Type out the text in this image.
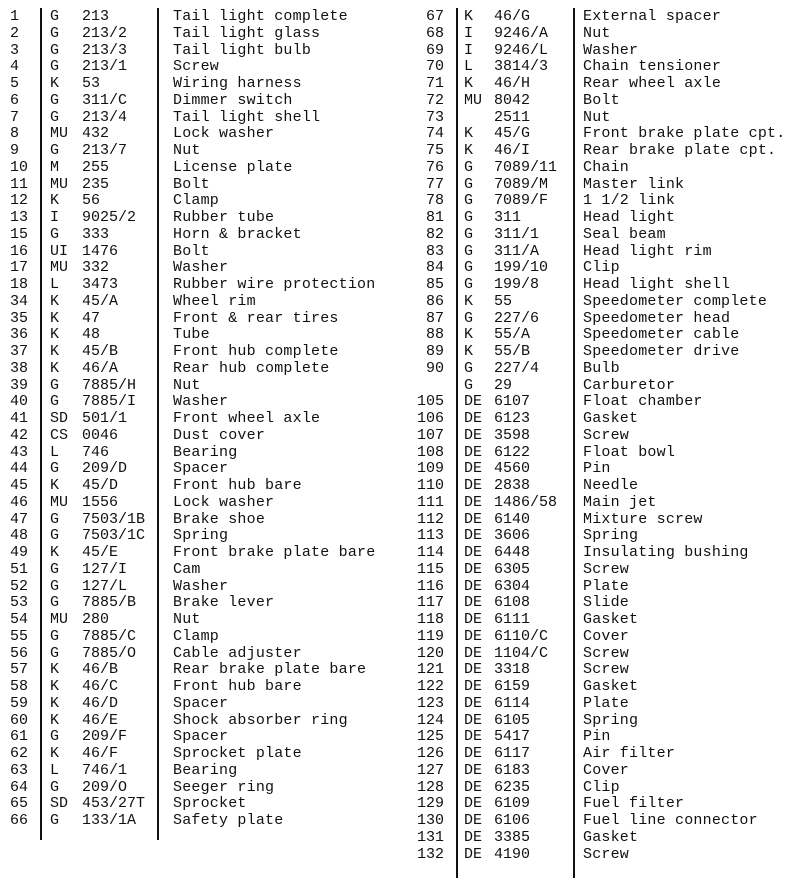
1 G 213	Tail light complete
2 G 213/2	Tail light glass
3 G 213/3	Tail light bulb
4 G 213/1	Screw
5 K 53	Wiring harness
6 G 311/C	Dimmer switch
7 G 213/4	Tail light shell
8 MU 432	Lock washer
9 G 213/7	Nut
10 M 255	License plate
11 MU 235	Bolt
12 K 56	Clamp
13 I 9025/2 Rubber tube
15 G 333	Horn & bracket
16 UI 1476	Bolt
17 MU 332	Washer
18 L 3473	Rubber wire protection
34 K 45/A	Wheel rim
35 K 47	Front & rear tires
36 K 48	Tube
37 K 45/B	Front hub complete
38 K 46/A	Rear hub complete
39 G 7885/H Nut
40 G 7885/I Washer
41 SD 501/1	Front wheel axle
42 CS 0046	Dust cover
43 L 746	Bearing
44 G 209/D	Spacer
45 K 45/D	Front hub bare
46 MU 1556	Lock washer
47 G 7503/1B Brake shoe
48 G 7503/1C Spring
49 K 45/E	Front brake plate bare
51 G 127/I	Cam
52 G 127/L	Washer
53 G 7885/B Brake lever
54 MU 280	Nut
55 G 7885/C Clamp
56 G 7885/O Cable adjuster
57 K 46/B	Rear brake plate bare
58 K 46/C	Front hub bare
59 K 46/D	Spacer
60 K 46/E	Shock absorber ring
61 G 209/F	Spacer
62 K 46/F	Sprocket plate
63 L 746/1	Bearing
64 G 209/O	Seeger ring
65 SD 453/27T Sprocket
66 G 133/1A Safety plate
67 K 46/G	External spacer
68 I 9246/A Nut
69 I 9246/L Washer
70 L 3814/3 Chain tensioner
71 K 46/H	Rear wheel axle
72 MU 8042	Bolt
73	2511	Nut
74 K 45/G	Front brake plate cpt.
75 K 46/I	Rear brake plate cpt.
76 G 7089/11 Chain
77 G 7089/M Master link
78 G 7089/F 1 1/2 link
81 G 311	Head light
82 G 311/1	Seal beam
83 G 311/A	Head light rim
84 G 199/10 Clip
85 G 199/8	Head light shell
86 K 55	Speedometer complete
87 G 227/6	Speedometer head
88 K 55/A	Speedometer cable
89 K 55/B	Speedometer drive
90 G 227/4	Bulb
G 29	Carburetor
105 DE 6107	Float chamber
106 DE 6123	Gasket
107 DE 3598	Screw
108 DE 6122	Float bowl
109 DE 4560	Pin
110 DE 2838	Needle
111 DE 1486/58 Main jet
112 DE 6140	Mixture screw
113 DE 3606	Spring
114 DE 6448	Insulating bushing
115 DE 6305	Screw
116 DE 6304	Plate
117 DE 6108	Slide
118 DE 6111	Gasket
119 DE 6110/C Cover
120 DE 1104/C Screw
121 DE 3318	Screw
122 DE 6159	Gasket
123 DE 6114	Plate
124 DE 6105	Spring
125 DE 5417	Pin
126 DE 6117	Air filter
127 DE 6183	Cover
128 DE 6235	Clip
129 DE 6109	Fuel filter
130 DE 6106	Fuel line connector
131 DE 3385	Gasket
132 DE 4190	Screw
